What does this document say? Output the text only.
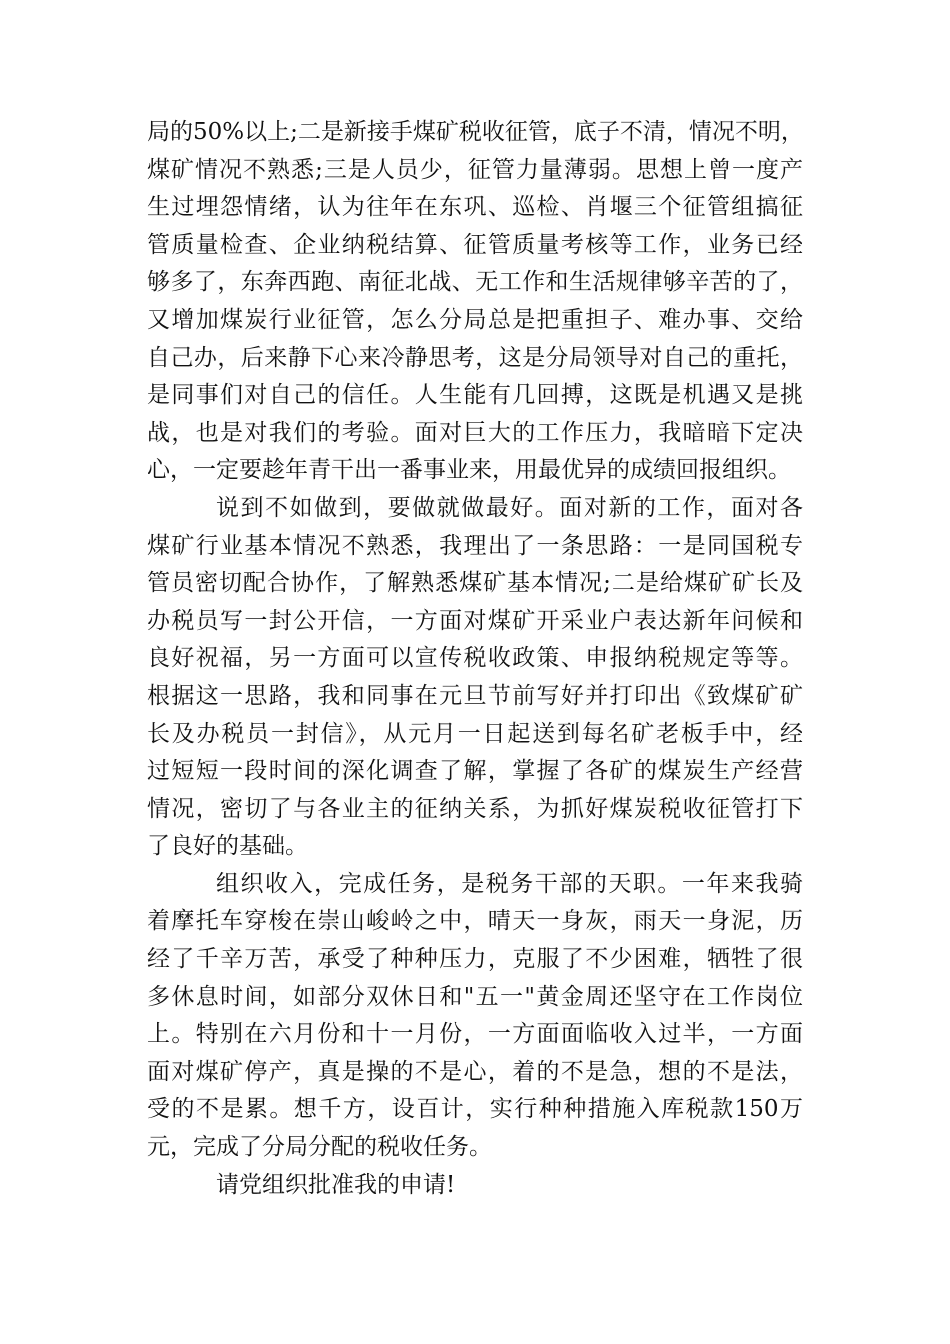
局的50%以上;二是新接手煤矿税收征管，底子不清，情况不明，
煤矿情况不熟悉;三是人员少，征管力量薄弱。思想上曾一度产
生过埋怨情绪，认为往年在东巩、巡检、肖堰三个征管组搞征
管质量检查、企业纳税结算、征管质量考核等工作，业务已经
够多了，东奔西跑、南征北战、无工作和生活规律够辛苦的了，
又增加煤炭行业征管，怎么分局总是把重担子、难办事、交给
自己办，后来静下心来冷静思考，这是分局领导对自己的重托，
是同事们对自己的信任。人生能有几回搏，这既是机遇又是挑
战，也是对我们的考验。面对巨大的工作压力，我暗暗下定决
心，一定要趁年青干出一番事业来，用最优异的成绩回报组织。
说到不如做到，要做就做最好。面对新的工作，面对各
煤矿行业基本情况不熟悉，我理出了一条思路：一是同国税专
管员密切配合协作，了解熟悉煤矿基本情况;二是给煤矿矿长及
办税员写一封公开信，一方面对煤矿开采业户表达新年问候和
良好祝福，另一方面可以宣传税收政策、申报纳税规定等等。
根据这一思路，我和同事在元旦节前写好并打印出《致煤矿矿
长及办税员一封信》，从元月一日起送到每名矿老板手中，经
过短短一段时间的深化调查了解，掌握了各矿的煤炭生产经营
情况，密切了与各业主的征纳关系，为抓好煤炭税收征管打下
了良好的基础。
组织收入，完成任务，是税务干部的天职。一年来我骑
着摩托车穿梭在崇山峻岭之中，晴天一身灰，雨天一身泥，历
经了千辛万苦，承受了种种压力，克服了不少困难，牺牲了很
多休息时间，如部分双休日和"五一"黄金周还坚守在工作岗位
上。特别在六月份和十一月份，一方面面临收入过半，一方面
面对煤矿停产，真是操的不是心，着的不是急，想的不是法，
受的不是累。想千方，设百计，实行种种措施入库税款150万
元，完成了分局分配的税收任务。
请党组织批准我的申请!
